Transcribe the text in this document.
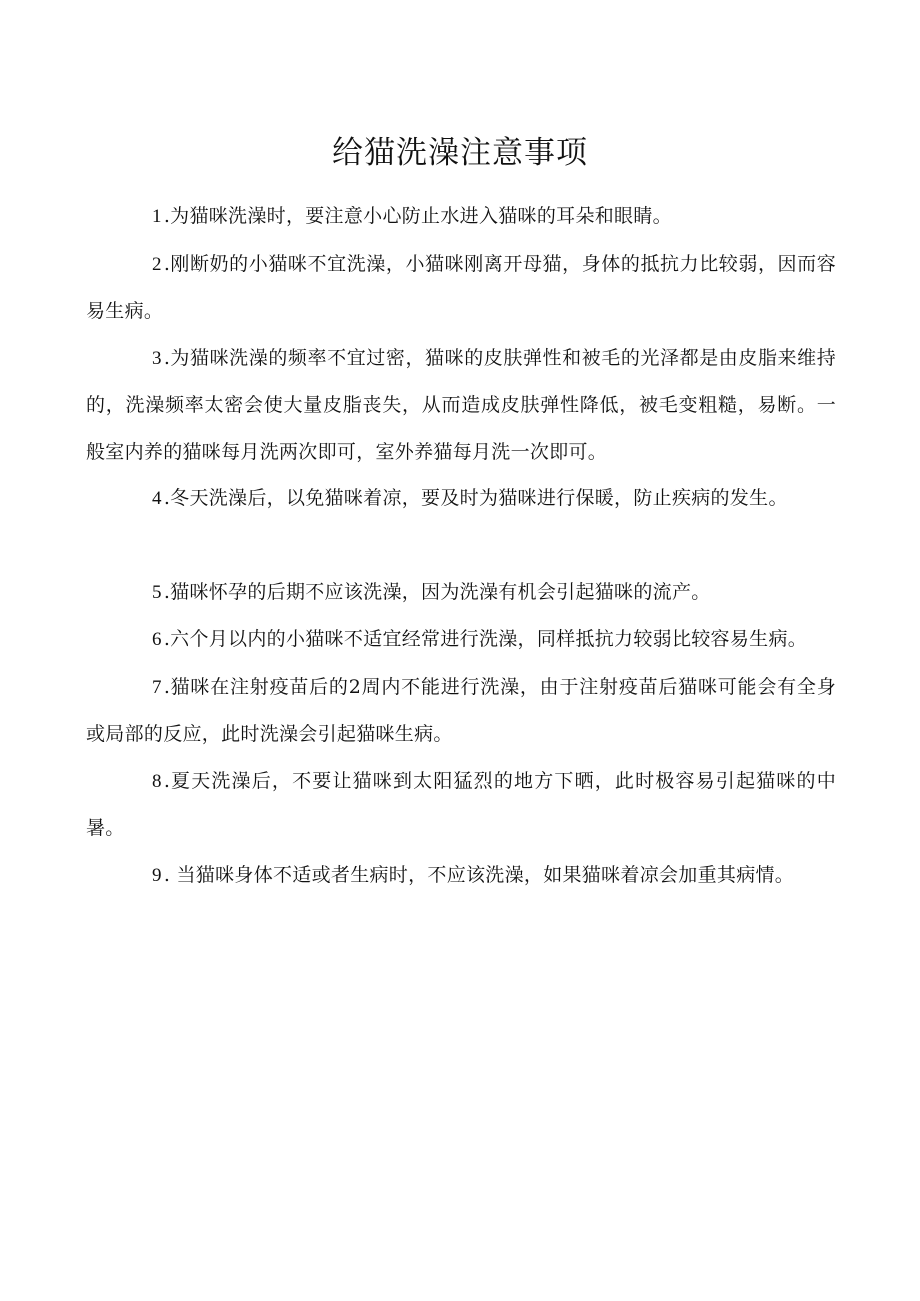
给猫洗澡注意事项

1 .为猫咪洗澡时，要注意小心防止水进入猫咪的耳朵和眼睛。

2 .刚断奶的小猫咪不宜洗澡，小猫咪刚离开母猫，身体的抵抗力比较弱，因而容易生病。

3 .为猫咪洗澡的频率不宜过密，猫咪的皮肤弹性和被毛的光泽都是由皮脂来维持的，洗澡频率太密会使大量皮脂丧失，从而造成皮肤弹性降低，被毛变粗糙，易断。一般室内养的猫咪每月洗两次即可，室外养猫每月洗一次即可。

4 .冬天洗澡后，以免猫咪着凉，要及时为猫咪进行保暖，防止疾病的发生。

5 .猫咪怀孕的后期不应该洗澡，因为洗澡有机会引起猫咪的流产。

6 .六个月以内的小猫咪不适宜经常进行洗澡，同样抵抗力较弱比较容易生病。

7 .猫咪在注射疫苗后的2周内不能进行洗澡，由于注射疫苗后猫咪可能会有全身或局部的反应，此时洗澡会引起猫咪生病。

8 .夏天洗澡后，不要让猫咪到太阳猛烈的地方下晒，此时极容易引起猫咪的中暑。

9 . 当猫咪身体不适或者生病时，不应该洗澡，如果猫咪着凉会加重其病情。
